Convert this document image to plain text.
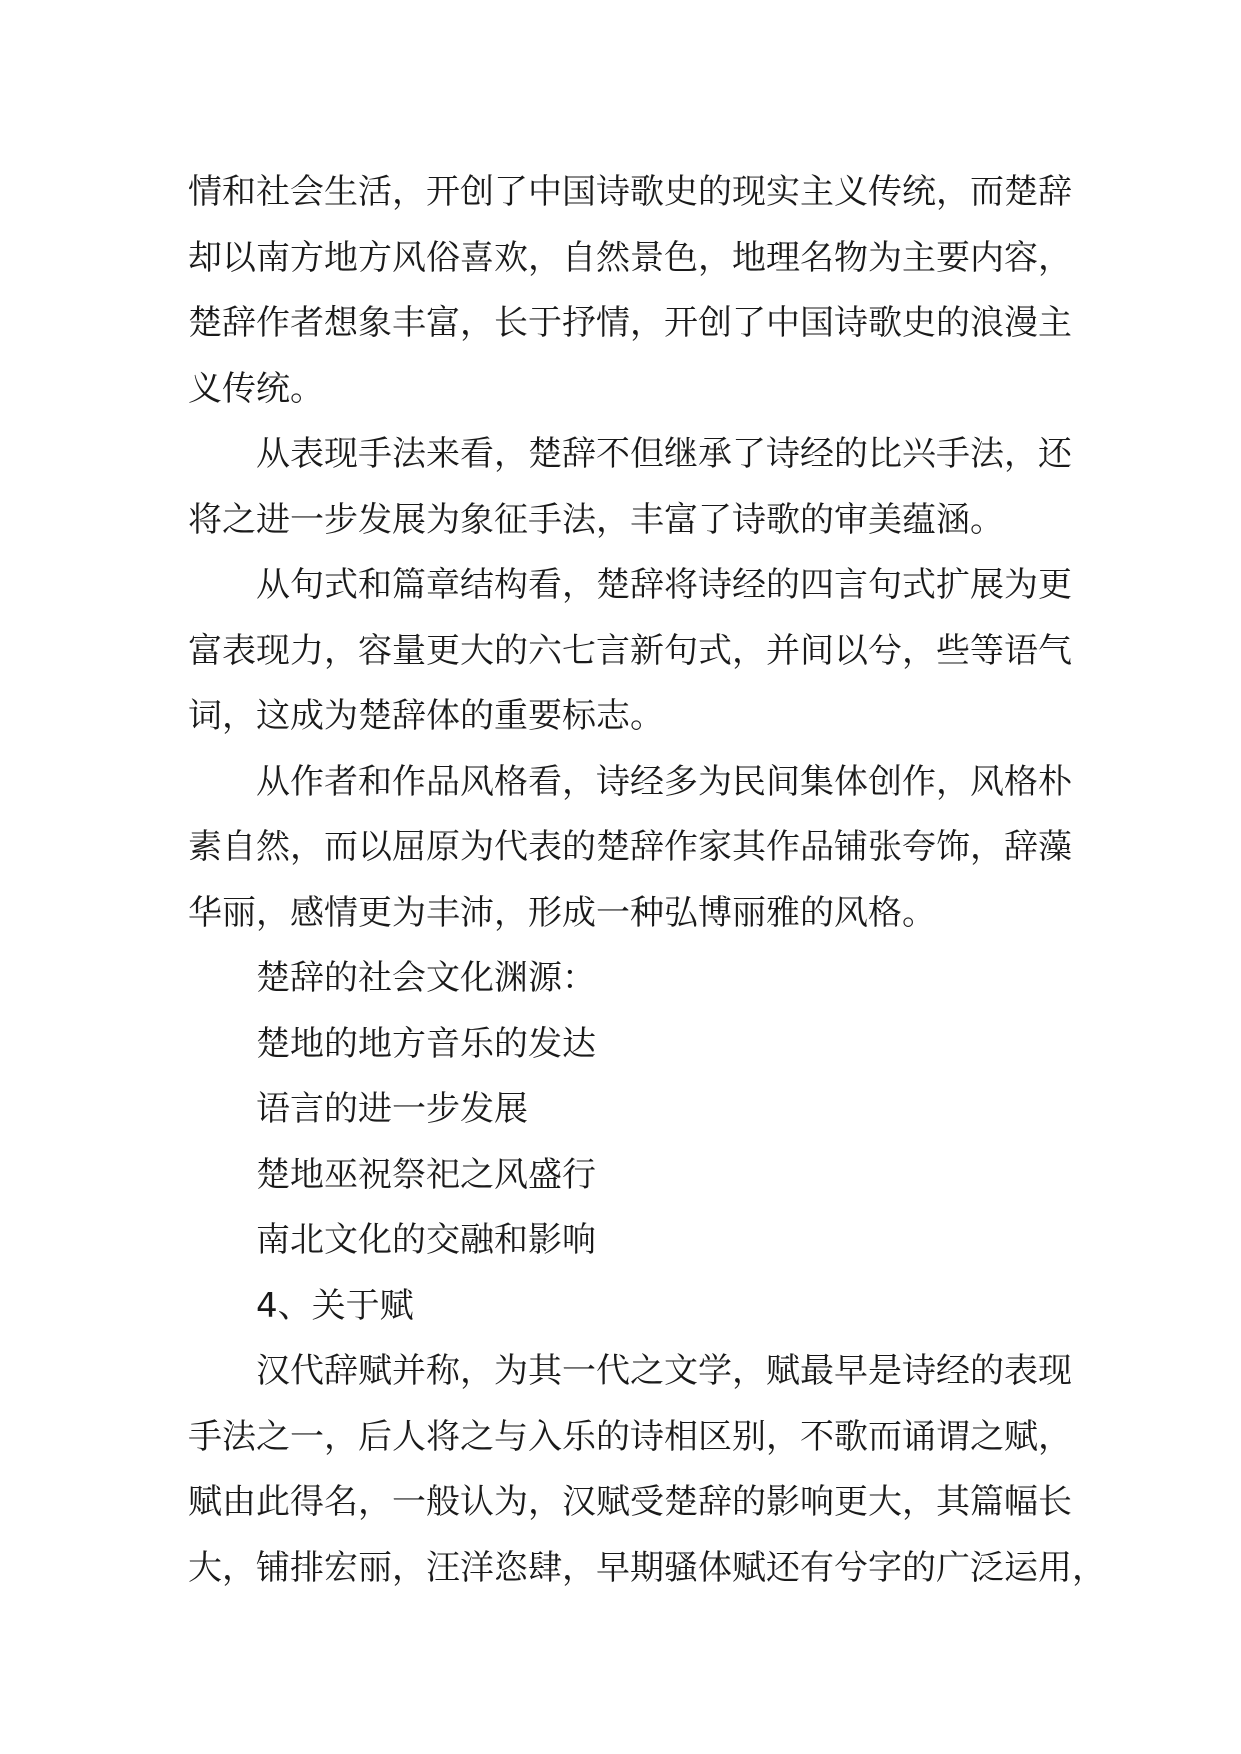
情和社会生活，开创了中国诗歌史的现实主义传统，而楚辞
却以南方地方风俗喜欢，自然景色，地理名物为主要内容，
楚辞作者想象丰富，长于抒情，开创了中国诗歌史的浪漫主
义传统。
从表现手法来看，楚辞不但继承了诗经的比兴手法，还
将之进一步发展为象征手法，丰富了诗歌的审美蕴涵。
从句式和篇章结构看，楚辞将诗经的四言句式扩展为更
富表现力，容量更大的六七言新句式，并间以兮，些等语气
词，这成为楚辞体的重要标志。
从作者和作品风格看，诗经多为民间集体创作，风格朴
素自然，而以屈原为代表的楚辞作家其作品铺张夸饰，辞藻
华丽，感情更为丰沛，形成一种弘博丽雅的风格。
楚辞的社会文化渊源：
楚地的地方音乐的发达
语言的进一步发展
楚地巫祝祭祀之风盛行
南北文化的交融和影响
4、关于赋
汉代辞赋并称，为其一代之文学，赋最早是诗经的表现
手法之一，后人将之与入乐的诗相区别，不歌而诵谓之赋，
赋由此得名，一般认为，汉赋受楚辞的影响更大，其篇幅长
大，铺排宏丽，汪洋恣肆，早期骚体赋还有兮字的广泛运用，
